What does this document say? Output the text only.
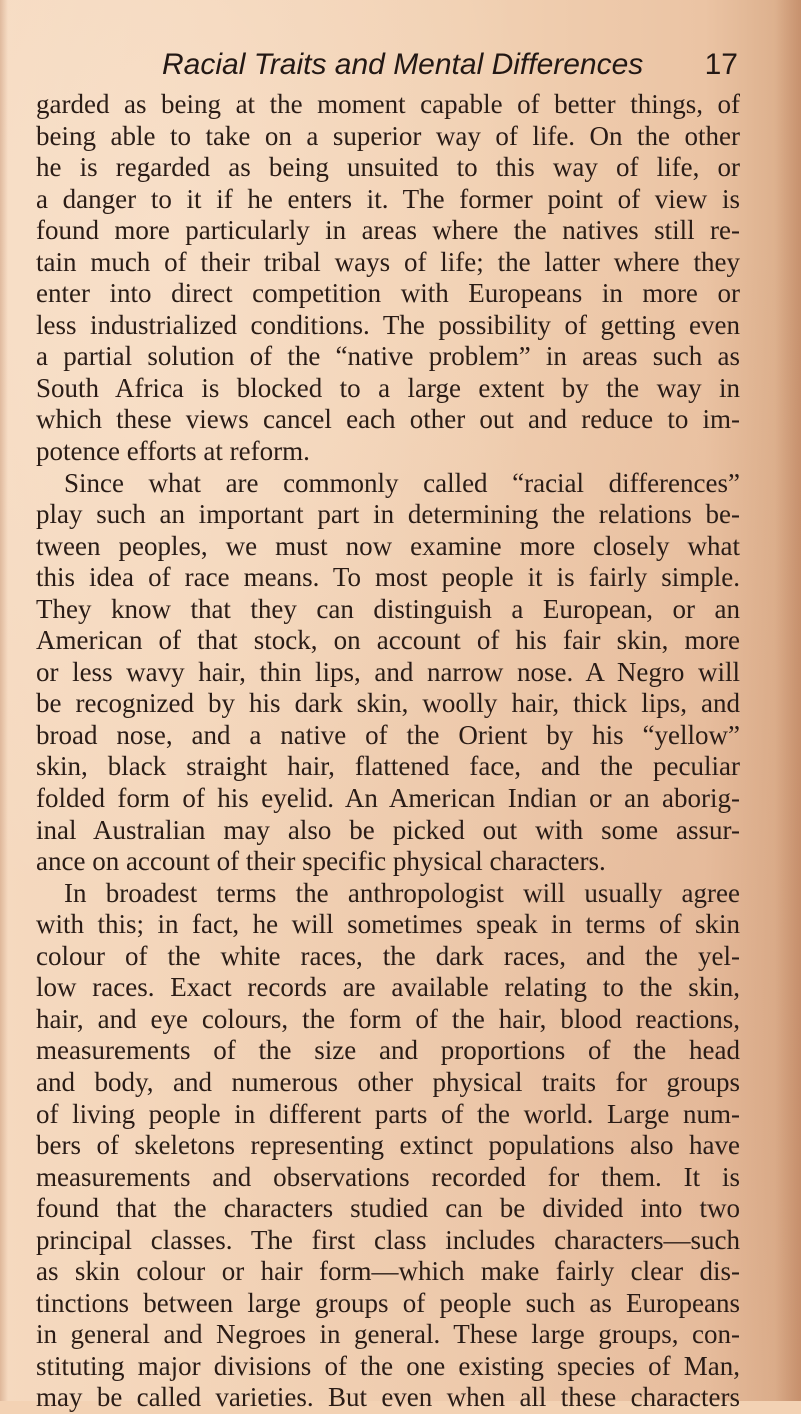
Racial Traits and Mental Differences 17
garded as being at the moment capable of better things, of
being able to take on a superior way of life. On the other
he is regarded as being unsuited to this way of life, or
a danger to it if he enters it. The former point of view is
found more particularly in areas where the natives still re-
tain much of their tribal ways of life; the latter where they
enter into direct competition with Europeans in more or
less industrialized conditions. The possibility of getting even
a partial solution of the “native problem” in areas such as
South Africa is blocked to a large extent by the way in
which these views cancel each other out and reduce to im-
potence efforts at reform.
Since what are commonly called “racial differences”
play such an important part in determining the relations be-
tween peoples, we must now examine more closely what
this idea of race means. To most people it is fairly simple.
They know that they can distinguish a European, or an
American of that stock, on account of his fair skin, more
or less wavy hair, thin lips, and narrow nose. A Negro will
be recognized by his dark skin, woolly hair, thick lips, and
broad nose, and a native of the Orient by his “yellow”
skin, black straight hair, flattened face, and the peculiar
folded form of his eyelid. An American Indian or an aborig-
inal Australian may also be picked out with some assur-
ance on account of their specific physical characters.
In broadest terms the anthropologist will usually agree
with this; in fact, he will sometimes speak in terms of skin
colour of the white races, the dark races, and the yel-
low races. Exact records are available relating to the skin,
hair, and eye colours, the form of the hair, blood reactions,
measurements of the size and proportions of the head
and body, and numerous other physical traits for groups
of living people in different parts of the world. Large num-
bers of skeletons representing extinct populations also have
measurements and observations recorded for them. It is
found that the characters studied can be divided into two
principal classes. The first class includes characters—such
as skin colour or hair form—which make fairly clear dis-
tinctions between large groups of people such as Europeans
in general and Negroes in general. These large groups, con-
stituting major divisions of the one existing species of Man,
may be called varieties. But even when all these characters
